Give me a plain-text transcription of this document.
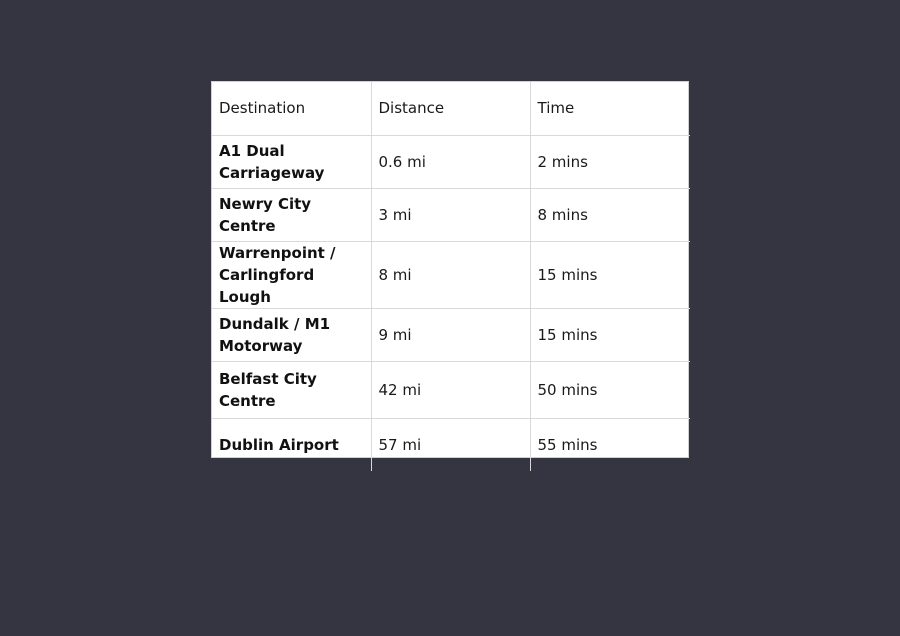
Destination	Distance	Time
A1 Dual Carriageway	0.6 mi	2 mins
Newry City Centre	3 mi	8 mins
Warrenpoint / Carlingford Lough	8 mi	15 mins
Dundalk / M1 Motorway	9 mi	15 mins
Belfast City Centre	42 mi	50 mins
Dublin Airport	57 mi	55 mins
